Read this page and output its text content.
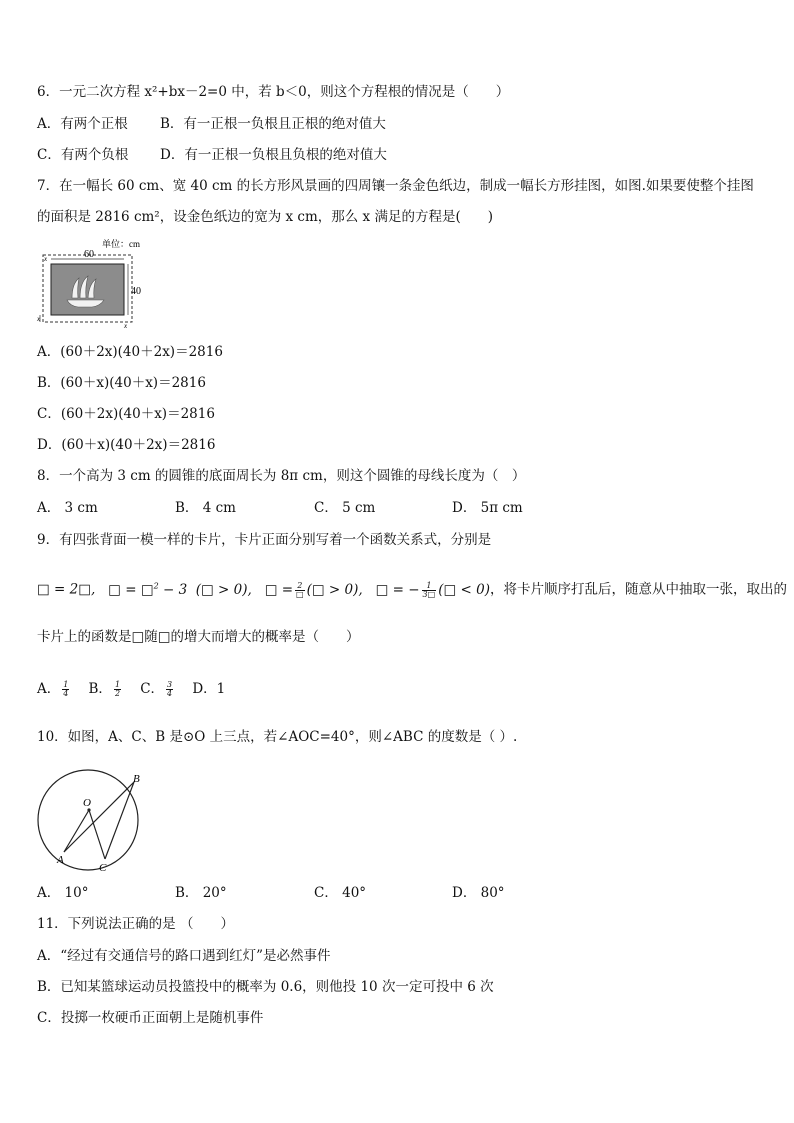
6．一元二次方程 x²+bx－2=0 中，若 b＜0，则这个方程根的情况是（　　）
A．有两个正根 B．有一正根一负根且正根的绝对值大
C．有两个负根 D．有一正根一负根且负根的绝对值大
7．在一幅长 60 cm、宽 40 cm 的长方形风景画的四周镶一条金色纸边，制成一幅长方形挂图，如图.如果要使整个挂图
的面积是 2816 cm²，设金色纸边的宽为 x cm，那么 x 满足的方程是(　　)
60
单位：cm
x
40
x
x
A．(60＋2x)(40＋2x)＝2816
B．(60＋x)(40＋x)＝2816
C．(60＋2x)(40＋x)＝2816
D．(60＋x)(40＋2x)＝2816
8．一个高为 3 cm 的圆锥的底面周长为 8π cm，则这个圆锥的母线长度为（　）
A． 3 cm	B． 4 cm	C． 5 cm	D． 5π cm
9．有四张背面一模一样的卡片，卡片正面分别写着一个函数关系式，分别是
□ = 2□, □ = □$^2$ − 3  (□ > 0), □ = $\frac{2}{□}$ (□ > 0), □ = − $\frac{1}{3□}$ (□ < 0)，将卡片顺序打乱后，随意从中抽取一张，取出的
卡片上的函数是□随□的增大而增大的概率是（　　）
A． $\frac{1}{4}$ B． $\frac{1}{2}$ C． $\frac{3}{4}$ D．1
10．如图，A、C、B 是⊙O 上三点，若∠AOC=40°，则∠ABC 的度数是（ ）.
O
A
B
C
A． 10°	B． 20°	C． 40°	D． 80°
11．下列说法正确的是 （　　）
A．“经过有交通信号的路口遇到红灯”是必然事件
B．已知某篮球运动员投篮投中的概率为 0.6，则他投 10 次一定可投中 6 次
C．投掷一枚硬币正面朝上是随机事件
